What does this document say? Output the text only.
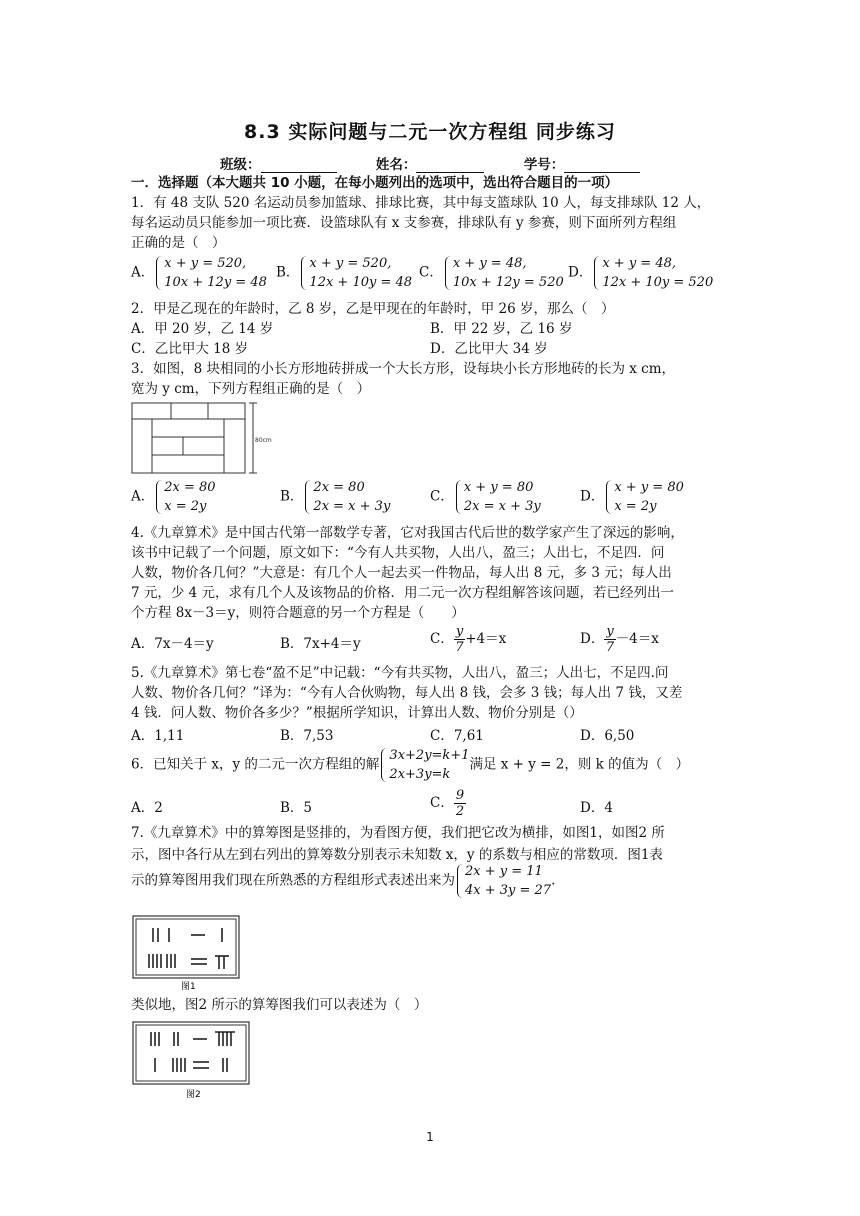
8.3 实际问题与二元一次方程组 同步练习
班级：	姓名：	学号：
一．选择题（本大题共 10 小题，在每小题列出的选项中，选出符合题目的一项）
1．有 48 支队 520 名运动员参加篮球、排球比赛，其中每支篮球队 10 人，每支排球队 12 人，
每名运动员只能参加一项比赛．设篮球队有 x 支参赛，排球队有 y 参赛，则下面所列方程组
正确的是（　）
A．
x + y = 520,
10x + 12y = 48
B．
x + y = 520,
12x + 10y = 48
C．
x + y = 48,
10x + 12y = 520
D．
x + y = 48,
12x + 10y = 520
2．甲是乙现在的年龄时，乙 8 岁，乙是甲现在的年龄时，甲 26 岁，那么（　）
A．甲 20 岁，乙 14 岁	B．甲 22 岁，乙 16 岁
C．乙比甲大 18 岁	D．乙比甲大 34 岁
3．如图，8 块相同的小长方形地砖拼成一个大长方形，设每块小长方形地砖的长为 x cm，
宽为 y cm，下列方程组正确的是（　）
80cm
A．
2x = 80
x = 2y
B．
2x = 80
2x = x + 3y
C．
x + y = 80
2x = x + 3y
D．
x + y = 80
x = 2y
4.《九章算术》是中国古代第一部数学专著，它对我国古代后世的数学家产生了深远的影响，
该书中记载了一个问题，原文如下：“今有人共买物，人出八，盈三；人出七，不足四．问
人数，物价各几何？”大意是：有几个人一起去买一件物品，每人出 8 元，多 3 元；每人出
7 元，少 4 元，求有几个人及该物品的价格．用二元一次方程组解答该问题，若已经列出一
个方程 8x－3＝y，则符合题意的另一个方程是（　　）
A．7x－4＝y	B．7x+4＝y	C． $\frac{y}{7} +4=x$	D． $\frac{y}{7} -4=x$
5.《九章算术》第七卷“盈不足”中记载：“今有共买物，人出八，盈三；人出七，不足四.问
人数、物价各几何？”译为：“今有人合伙购物，每人出 8 钱，会多 3 钱；每人出 7 钱，又差
4 钱．问人数、物价各多少？”根据所学知识，计算出人数、物价分别是（）
A．1,11	B．7,53	C．7,61	D．6,50
6．已知关于 x，y 的二元一次方程组的解
3x+2y=k+1
2x+3y=k
满足 x + y = 2，则 k 的值为（　）
A．2	B．5	C． $\frac{9}{2}$	D．4
7.《九章算术》中的算筹图是竖排的，为看图方便，我们把它改为横排，如图1，如图2 所
示，图中各行从左到右列出的算筹数分别表示未知数 x，y 的系数与相应的常数项．图1表
示的算筹图用我们现在所熟悉的方程组形式表述出来为
2x + y = 11
4x + 3y = 27
.
图1
类似地，图2 所示的算筹图我们可以表述为（　）
图2
1
